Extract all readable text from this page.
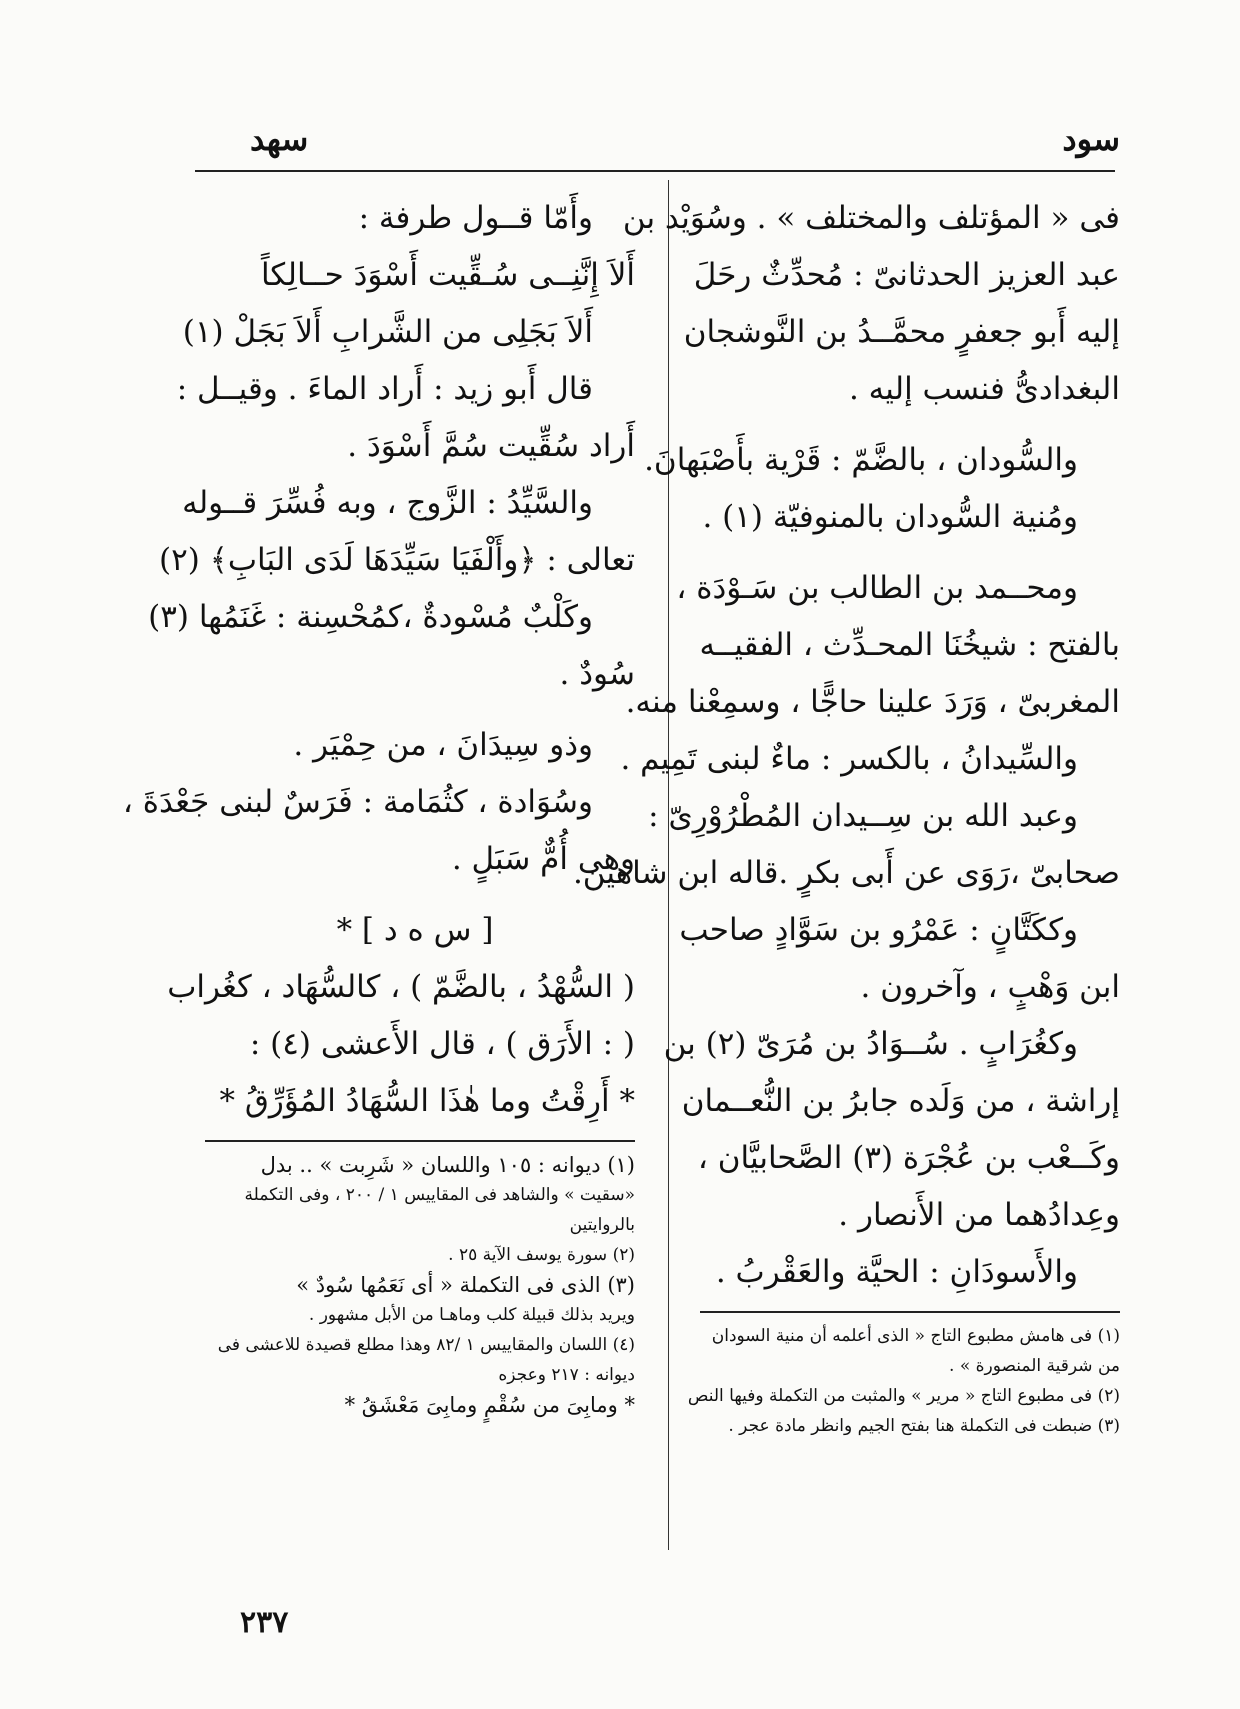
سود
سهد
فى « المؤتلف والمختلف » . وسُوَيْد بن
عبد العزيز الحدثانىّ : مُحدِّثٌ رحَلَ
إليه أَبو جعفرٍ محمَّــدُ بن النَّوشجان
البغدادىُّ فنسب إليه .
والسُّودان ، بالضَّمّ : قَرْية بأَصْبَهانَ.
ومُنية السُّودان بالمنوفيّة (١) .
ومحــمد بن الطالب بن سَـوْدَة ،
بالفتح : شيخُنَا المحـدِّث ، الفقيــه
المغربىّ ، وَرَدَ علينا حاجًّا ، وسمِعْنا منه.
والسِّيدانُ ، بالكسر : ماءٌ لبنى تَمِيم .
وعبد الله بن سِــيدان المُطْرُوْرِىّ :
صحابىّ ،رَوَى عن أَبى بكرٍ .قاله ابن شاهين.
وككَتَّانٍ : عَمْرُو بن سَوَّادٍ صاحب
ابن وَهْبٍ ، وآخرون .
وكغُرَابٍ . سُــوَادُ بن مُرَىّ (٢) بن
إراشة ، من وَلَده جابرُ بن النُّعــمان
وكَــعْب بن عُجْرَة (٣) الصَّحابيَّان ،
وعِدادُهما من الأَنصار .
والأَسودَانِ : الحيَّة والعَقْربُ .
(١) فى هامش مطبوع التاج « الذى أعلمه أن منية السودان
من شرقية المنصورة » .
(٢) فى مطبوع التاج « مرير » والمثبت من التكملة وفيها النص
(٣) ضبطت فى التكملة هنا بفتح الجيم وانظر مادة عجر .
وأَمّا قــول طرفة :
أَلاَ إِنَّنِــى سُـقِّيت أَسْوَدَ حــالِكاً
أَلاَ بَجَلِى من الشَّرابِ أَلاَ بَجَلْ (١)
قال أَبو زيد : أَراد الماءَ . وقيــل :
أَراد سُقِّيت سُمَّ أَسْوَدَ .
والسَّيِّدُ : الزَّوج ، وبه فُسِّرَ قــوله
تعالى : ﴿وأَلْفَيَا سَيِّدَهَا لَدَى البَابِ﴾ (٢)
وكَلْبٌ مُسْودةٌ ،كمُحْسِنة : غَنَمُها (٣)
سُودٌ .
وذو سِيدَانَ ، من حِمْيَر .
وسُوَادة ، كثُمَامة : فَرَسٌ لبنى جَعْدَةَ ،
وهى أُمٌّ سَبَلٍ .
[ س ه د ] *
( السُّهْدُ ، بالضَّمّ ) ، كالسُّهَاد ، كغُراب
( : الأَرَق ) ، قال الأَعشى (٤) :
* أَرِقْتُ وما هٰذَا السُّهَادُ المُؤَرِّقُ *
(١) ديوانه : ١٠٥ واللسان « شَرِبت » .. بدل
«سقيت » والشاهد فى المقاييس ١ / ٢٠٠ ، وفى التكملة
بالروايتين
(٢) سورة يوسف الآية ٢٥ .
(٣) الذى فى التكملة « أى نَعَمُها سُودٌ »
ويريد بذلك قبيلة كلب وماهـا من الأبل مشهور .
(٤) اللسان والمقاييس ١ /٨٢ وهذا مطلع قصيدة للاعشى فى
ديوانه : ٢١٧ وعجزه
* ومابِىَ من سُقْمٍ ومابِىَ مَعْشَقُ *
٢٣٧
